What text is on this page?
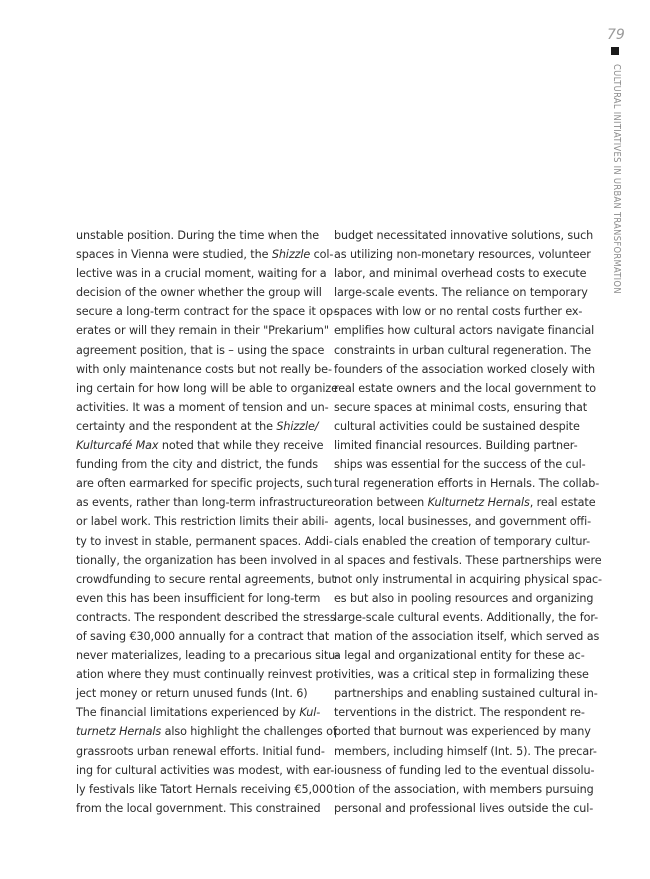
79
CULTURAL INITIATIVES IN URBAN TRANSFORMATION
unstable position. During the time when the
spaces in Vienna were studied, the Shizzle col-
lective was in a crucial moment, waiting for a
decision of the owner whether the group will
secure a long-term contract for the space it op-
erates or will they remain in their "Prekarium"
agreement position, that is – using the space
with only maintenance costs but not really be-
ing certain for how long will be able to organize
activities. It was a moment of tension and un-
certainty and the respondent at the Shizzle/
Kulturcafé Max noted that while they receive
funding from the city and district, the funds
are often earmarked for specific projects, such
as events, rather than long-term infrastructure
or label work. This restriction limits their abili-
ty to invest in stable, permanent spaces. Addi-
tionally, the organization has been involved in
crowdfunding to secure rental agreements, but
even this has been insufficient for long-term
contracts. The respondent described the stress
of saving €30,000 annually for a contract that
never materializes, leading to a precarious situ-
ation where they must continually reinvest pro-
ject money or return unused funds (Int. 6)
The financial limitations experienced by Kul-
turnetz Hernals also highlight the challenges of
grassroots urban renewal efforts. Initial fund-
ing for cultural activities was modest, with ear-
ly festivals like Tatort Hernals receiving €5,000
from the local government. This constrained
budget necessitated innovative solutions, such
as utilizing non-monetary resources, volunteer
labor, and minimal overhead costs to execute
large-scale events. The reliance on temporary
spaces with low or no rental costs further ex-
emplifies how cultural actors navigate financial
constraints in urban cultural regeneration. The
founders of the association worked closely with
real estate owners and the local government to
secure spaces at minimal costs, ensuring that
cultural activities could be sustained despite
limited financial resources. Building partner-
ships was essential for the success of the cul-
tural regeneration efforts in Hernals. The collab-
oration between Kulturnetz Hernals, real estate
agents, local businesses, and government offi-
cials enabled the creation of temporary cultur-
al spaces and festivals. These partnerships were
not only instrumental in acquiring physical spac-
es but also in pooling resources and organizing
large-scale cultural events. Additionally, the for-
mation of the association itself, which served as
a legal and organizational entity for these ac-
tivities, was a critical step in formalizing these
partnerships and enabling sustained cultural in-
terventions in the district. The respondent re-
ported that burnout was experienced by many
members, including himself (Int. 5). The precar-
iousness of funding led to the eventual dissolu-
tion of the association, with members pursuing
personal and professional lives outside the cul-
